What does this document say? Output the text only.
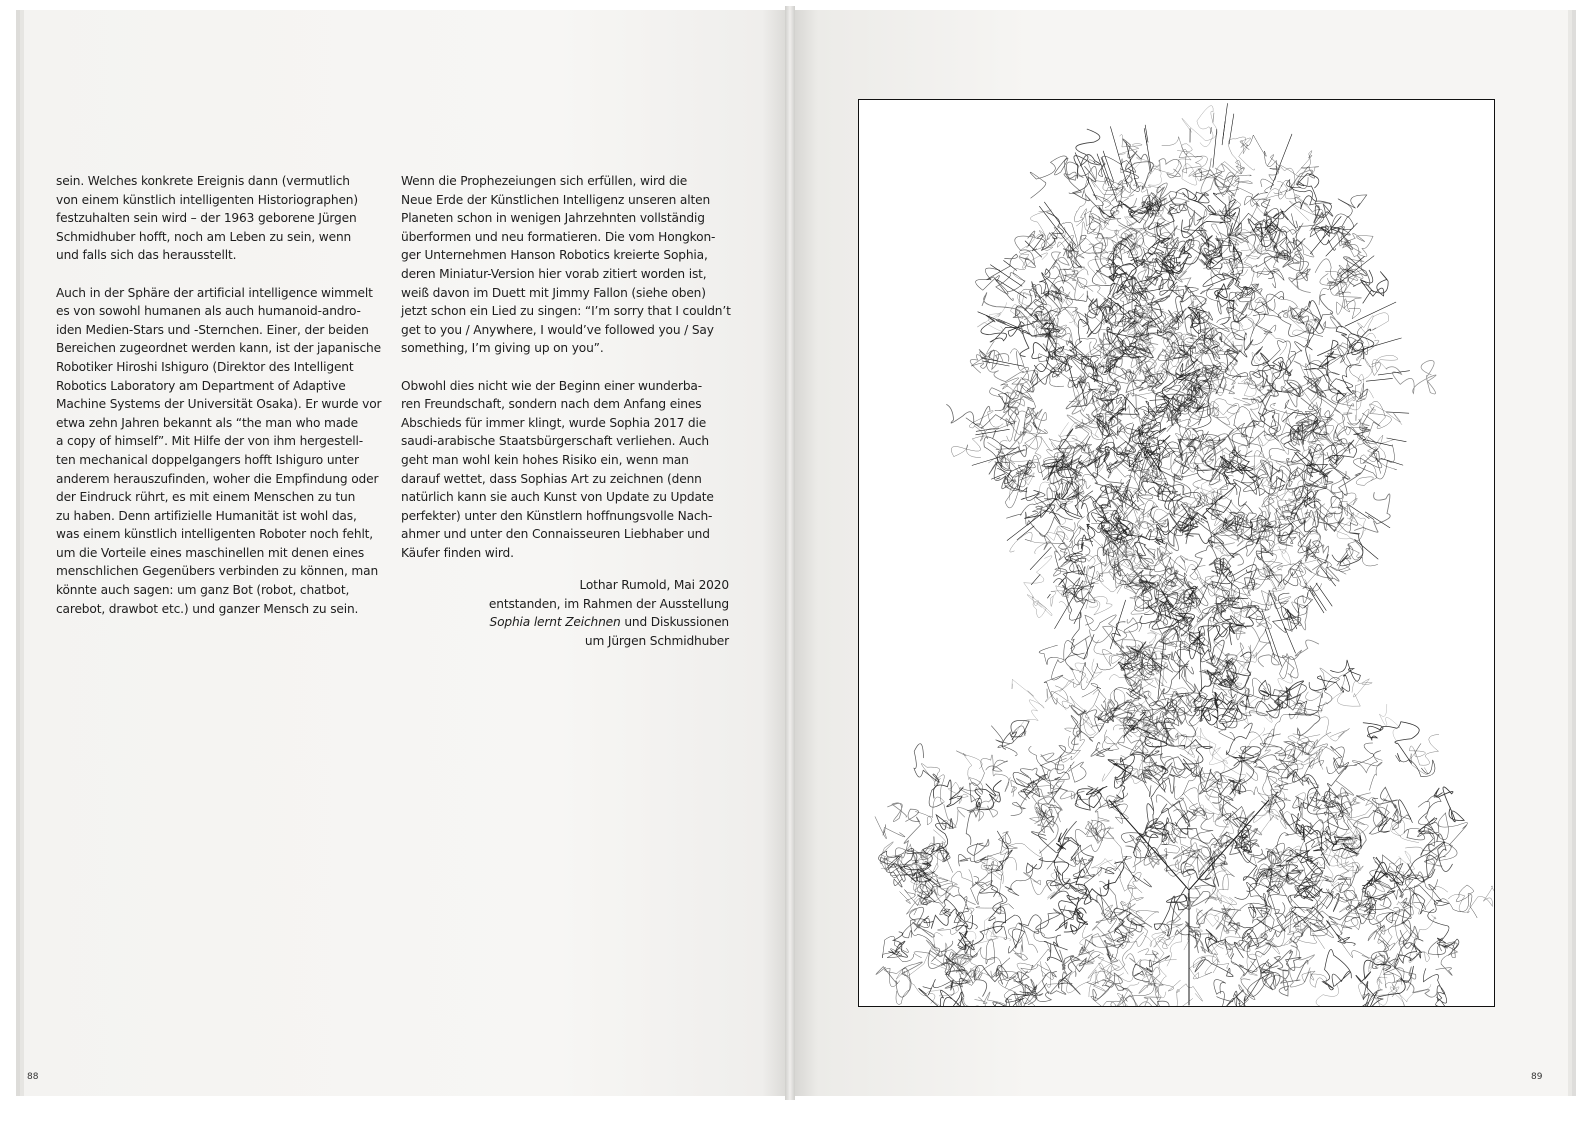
sein. Welches konkrete Ereignis dann (vermutlich
von einem künstlich intelligenten Historiographen)
festzuhalten sein wird – der 1963 geborene Jürgen
Schmidhuber hofft, noch am Leben zu sein, wenn
und falls sich das herausstellt.

Auch in der Sphäre der artificial intelligence wimmelt
es von sowohl humanen als auch humanoid-andro-
iden Medien-Stars und -Sternchen. Einer, der beiden
Bereichen zugeordnet werden kann, ist der japanische
Robotiker Hiroshi Ishiguro (Direktor des Intelligent
Robotics Laboratory am Department of Adaptive
Machine Systems der Universität Osaka). Er wurde vor
etwa zehn Jahren bekannt als “the man who made
a copy of himself”. Mit Hilfe der von ihm hergestell-
ten mechanical doppelgangers hofft Ishiguro unter
anderem herauszufinden, woher die Empfindung oder
der Eindruck rührt, es mit einem Menschen zu tun
zu haben. Denn artifizielle Humanität ist wohl das,
was einem künstlich intelligenten Roboter noch fehlt,
um die Vorteile eines maschinellen mit denen eines
menschlichen Gegenübers verbinden zu können, man
könnte auch sagen: um ganz Bot (robot, chatbot,
carebot, drawbot etc.) und ganzer Mensch zu sein.

Wenn die Prophezeiungen sich erfüllen, wird die
Neue Erde der Künstlichen Intelligenz unseren alten
Planeten schon in wenigen Jahrzehnten vollständig
überformen und neu formatieren. Die vom Hongkon-
ger Unternehmen Hanson Robotics kreierte Sophia,
deren Miniatur-Version hier vorab zitiert worden ist,
weiß davon im Duett mit Jimmy Fallon (siehe oben)
jetzt schon ein Lied zu singen: “I’m sorry that I couldn’t
get to you / Anywhere, I would’ve followed you / Say
something, I’m giving up on you”.

Obwohl dies nicht wie der Beginn einer wunderba-
ren Freundschaft, sondern nach dem Anfang eines
Abschieds für immer klingt, wurde Sophia 2017 die
saudi-arabische Staatsbürgerschaft verliehen. Auch
geht man wohl kein hohes Risiko ein, wenn man
darauf wettet, dass Sophias Art zu zeichnen (denn
natürlich kann sie auch Kunst von Update zu Update
perfekter) unter den Künstlern hoffnungsvolle Nach-
ahmer und unter den Connaisseuren Liebhaber und
Käufer finden wird.

Lothar Rumold, Mai 2020
entstanden, im Rahmen der Ausstellung
Sophia lernt Zeichnen und Diskussionen
um Jürgen Schmidhuber
88	89
